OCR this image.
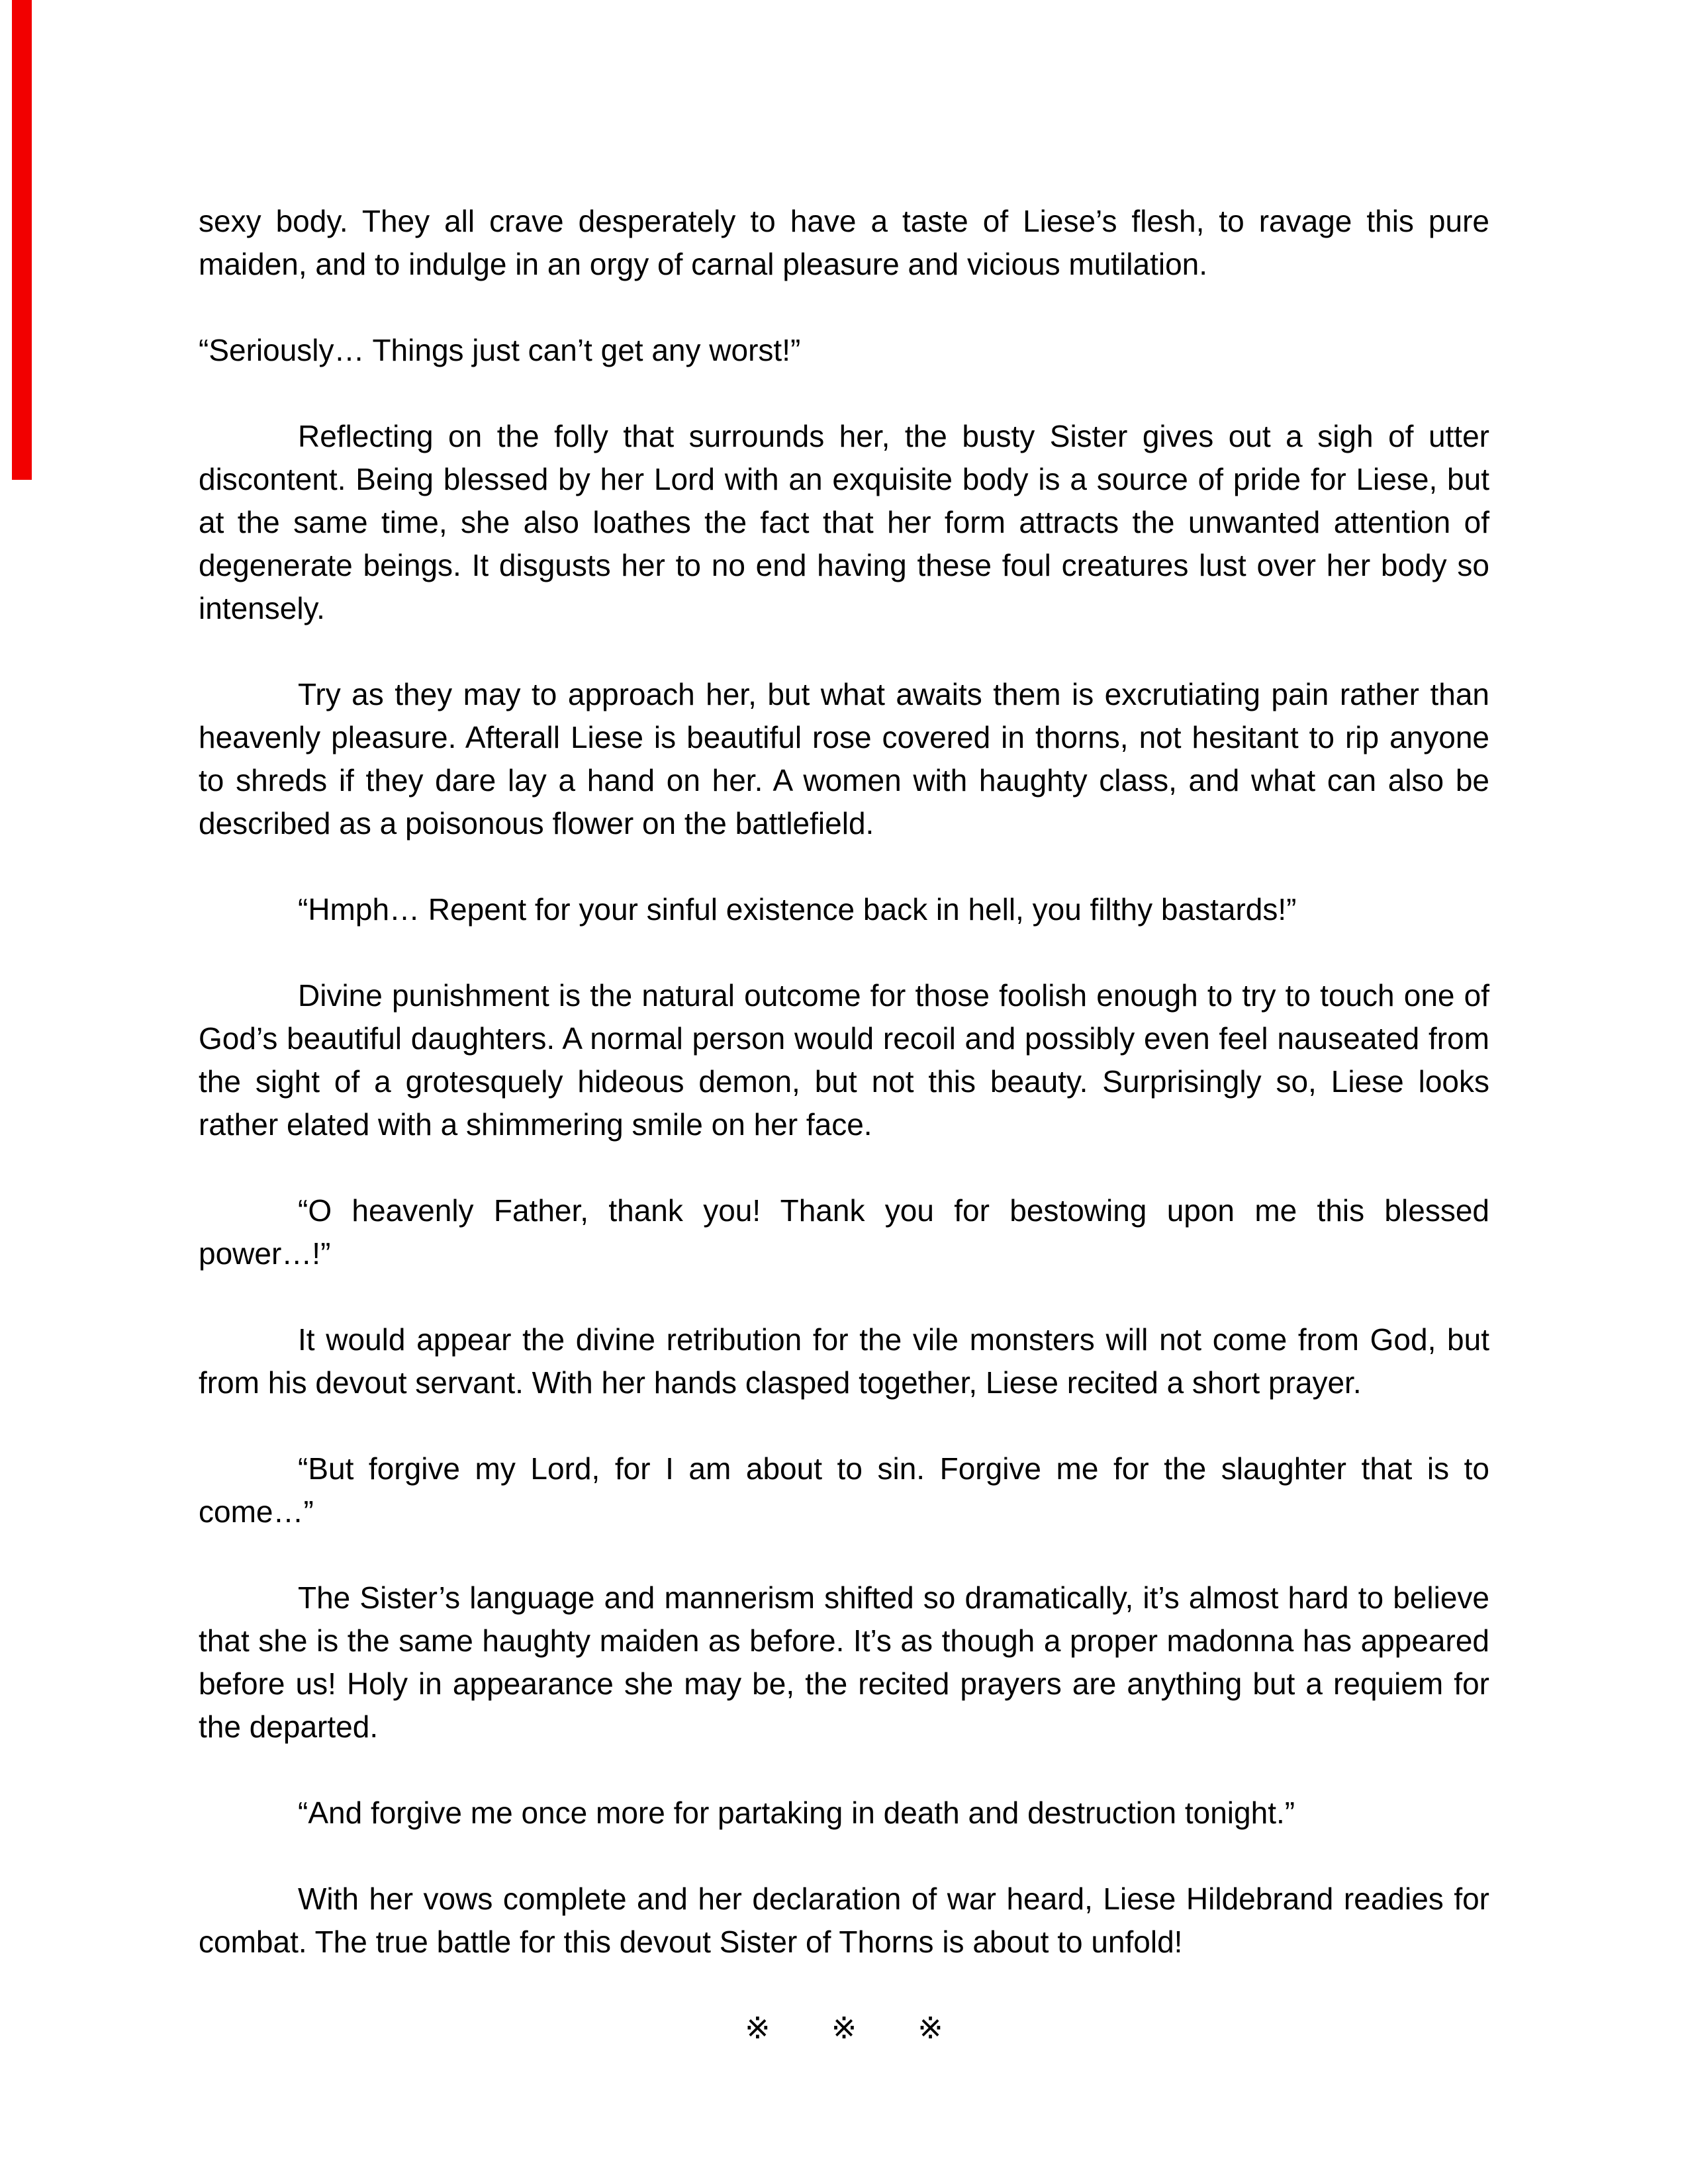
sexy body. They all crave desperately to have a taste of Liese’s flesh, to ravage this pure maiden, and to indulge in an orgy of carnal pleasure and vicious mutilation.

“Seriously… Things just can’t get any worst!”

Reflecting on the folly that surrounds her, the busty Sister gives out a sigh of utter discontent. Being blessed by her Lord with an exquisite body is a source of pride for Liese, but at the same time, she also loathes the fact that her form attracts the unwanted attention of degenerate beings. It disgusts her to no end having these foul creatures lust over her body so intensely.

Try as they may to approach her, but what awaits them is excrutiating pain rather than heavenly pleasure. Afterall Liese is beautiful rose covered in thorns, not hesitant to rip anyone to shreds if they dare lay a hand on her. A women with haughty class, and what can also be described as a poisonous flower on the battlefield.

“Hmph… Repent for your sinful existence back in hell, you filthy bastards!”

Divine punishment is the natural outcome for those foolish enough to try to touch one of God’s beautiful daughters. A normal person would recoil and possibly even feel nauseated from the sight of a grotesquely hideous demon, but not this beauty. Surprisingly so, Liese looks rather elated with a shimmering smile on her face.

“O heavenly Father, thank you! Thank you for bestowing upon me this blessed power…!”

It would appear the divine retribution for the vile monsters will not come from God, but from his devout servant. With her hands clasped together, Liese recited a short prayer.

“But forgive my Lord, for I am about to sin. Forgive me for the slaughter that is to come…”

The Sister’s language and mannerism shifted so dramatically, it’s almost hard to believe that she is the same haughty maiden as before. It’s as though a proper madonna has appeared before us! Holy in appearance she may be, the recited prayers are anything but a requiem for the departed.

“And forgive me once more for partaking in death and destruction tonight.”

With her vows complete and her declaration of war heard, Liese Hildebrand readies for combat. The true battle for this devout Sister of Thorns is about to unfold!

※　　※　　※
